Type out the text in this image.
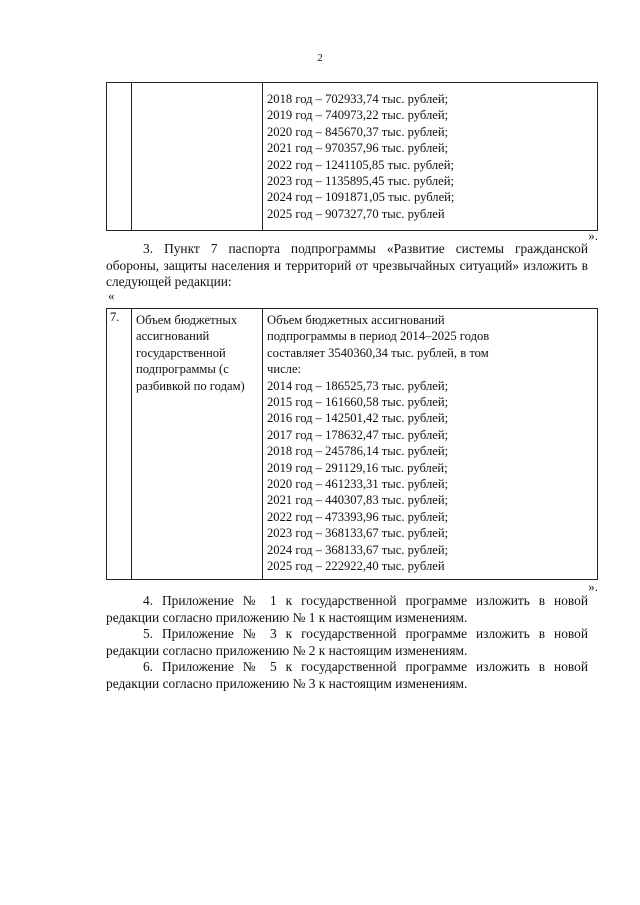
2

2018 год – 702933,74 тыс. рублей;
2019 год – 740973,22 тыс. рублей;
2020 год – 845670,37 тыс. рублей;
2021 год – 970357,96 тыс. рублей;
2022 год – 1241105,85 тыс. рублей;
2023 год – 1135895,45 тыс. рублей;
2024 год – 1091871,05 тыс. рублей;
2025 год – 907327,70 тыс. рублей
».

3. Пункт 7 паспорта подпрограммы «Развитие системы гражданской обороны, защиты населения и территорий от чрезвычайных ситуаций» изложить в следующей редакции:

«
7.	Объем бюджетных
ассигнований
государственной
подпрограммы (с
разбивкой по годам)

Объем бюджетных ассигнований
подпрограммы в период 2014–2025 годов
составляет 3540360,34 тыс. рублей, в том
числе:
2014 год – 186525,73 тыс. рублей;
2015 год – 161660,58 тыс. рублей;
2016 год – 142501,42 тыс. рублей;
2017 год – 178632,47 тыс. рублей;
2018 год – 245786,14 тыс. рублей;
2019 год – 291129,16 тыс. рублей;
2020 год – 461233,31 тыс. рублей;
2021 год – 440307,83 тыс. рублей;
2022 год – 473393,96 тыс. рублей;
2023 год – 368133,67 тыс. рублей;
2024 год – 368133,67 тыс. рублей;
2025 год – 222922,40 тыс. рублей
».

4. Приложение № 1 к государственной программе изложить в новой редакции согласно приложению № 1 к настоящим изменениям.

5. Приложение № 3 к государственной программе изложить в новой редакции согласно приложению № 2 к настоящим изменениям.

6. Приложение № 5 к государственной программе изложить в новой редакции согласно приложению № 3 к настоящим изменениям.
